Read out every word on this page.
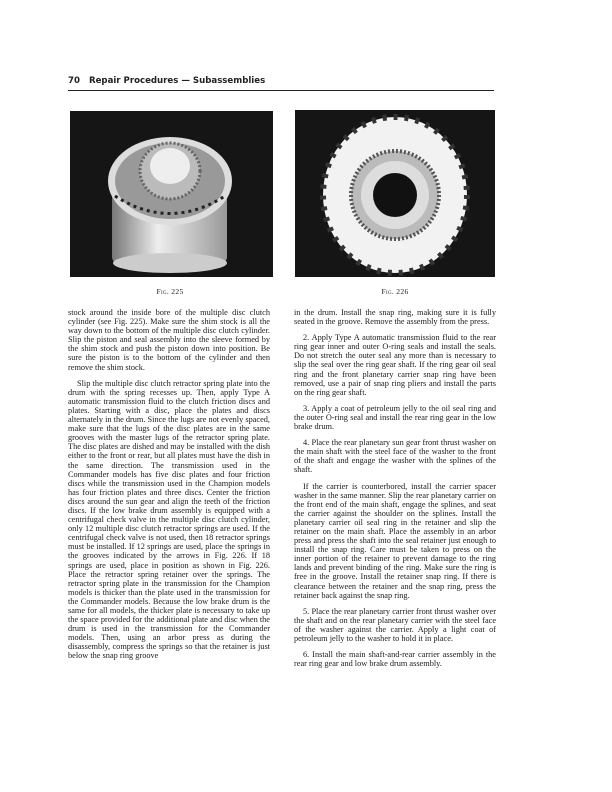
70 Repair Procedures — Subassemblies
Fig. 225	Fig. 226

stock around the inside bore of the multiple disc clutch cylinder (see Fig. 225). Make sure the shim stock is all the way down to the bottom of the multiple disc clutch cylinder. Slip the piston and seal assembly into the sleeve formed by the shim stock and push the piston down into position. Be sure the piston is to the bottom of the cylinder and then remove the shim stock.

Slip the multiple disc clutch retractor spring plate into the drum with the spring recesses up. Then, apply Type A automatic transmission fluid to the clutch friction discs and plates. Starting with a disc, place the plates and discs alternately in the drum. Since the lugs are not evenly spaced, make sure that the lugs of the disc plates are in the same grooves with the master lugs of the retractor spring plate. The disc plates are dished and may be installed with the dish either to the front or rear, but all plates must have the dish in the same direction. The transmission used in the Commander models has five disc plates and four friction discs while the transmission used in the Champion models has four friction plates and three discs. Center the friction discs around the sun gear and align the teeth of the friction discs. If the low brake drum assembly is equipped with a centrifugal check valve in the multiple disc clutch cylinder, only 12 multiple disc clutch retractor springs are used. If the centrifugal check valve is not used, then 18 retractor springs must be installed. If 12 springs are used, place the springs in the grooves indicated by the arrows in Fig. 226. If 18 springs are used, place in position as shown in Fig. 226. Place the retractor spring retainer over the springs. The retractor spring plate in the transmission for the Champion models is thicker than the plate used in the transmission for the Commander models. Because the low brake drum is the same for all models, the thicker plate is necessary to take up the space provided for the additional plate and disc when the drum is used in the transmission for the Commander models. Then, using an arbor press as during the disassembly, compress the springs so that the retainer is just below the snap ring groove

in the drum. Install the snap ring, making sure it is fully seated in the groove. Remove the assembly from the press.

2. Apply Type A automatic transmission fluid to the rear ring gear inner and outer O-ring seals and install the seals. Do not stretch the outer seal any more than is necessary to slip the seal over the ring gear shaft. If the ring gear oil seal ring and the front planetary carrier snap ring have been removed, use a pair of snap ring pliers and install the parts on the ring gear shaft.

3. Apply a coat of petroleum jelly to the oil seal ring and the outer O-ring seal and install the rear ring gear in the low brake drum.

4. Place the rear planetary sun gear front thrust washer on the main shaft with the steel face of the washer to the front of the shaft and engage the washer with the splines of the shaft.

If the carrier is counterbored, install the carrier spacer washer in the same manner. Slip the rear planetary carrier on the front end of the main shaft, engage the splines, and seat the carrier against the shoulder on the splines. Install the planetary carrier oil seal ring in the retainer and slip the retainer on the main shaft. Place the assembly in an arbor press and press the shaft into the seal retainer just enough to install the snap ring. Care must be taken to press on the inner portion of the retainer to prevent damage to the ring lands and prevent binding of the ring. Make sure the ring is free in the groove. Install the retainer snap ring. If there is clearance between the retainer and the snap ring, press the retainer back against the snap ring.

5. Place the rear planetary carrier front thrust washer over the shaft and on the rear planetary carrier with the steel face of the washer against the carrier. Apply a light coat of petroleum jelly to the washer to hold it in place.

6. Install the main shaft-and-rear carrier assembly in the rear ring gear and low brake drum assembly.
